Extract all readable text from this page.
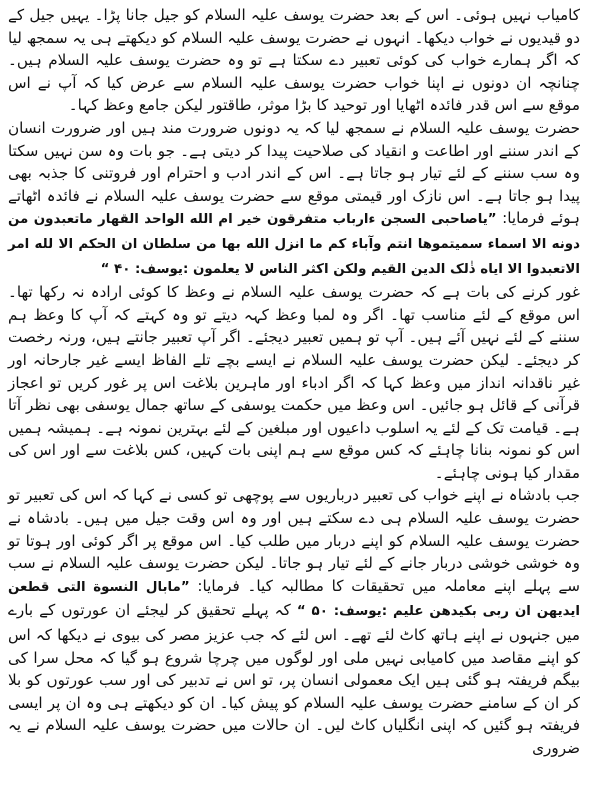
کامیاب نہیں ہوئی۔ اس کے بعد حضرت یوسف علیہ السلام کو جیل جانا پڑا۔ یہیں جیل کے دو قیدیوں نے خواب دیکھا۔ انہوں نے حضرت یوسف علیہ السلام کو دیکھتے ہی یہ سمجھ لیا کہ اگر ہمارے خواب کی کوئی تعبیر دے سکتا ہے تو وہ حضرت یوسف علیہ السلام ہیں۔ چنانچہ ان دونوں نے اپنا خواب حضرت یوسف علیہ السلام سے عرض کیا کہ آپ نے اس موقع سے اس قدر فائدہ اٹھایا اور توحید کا بڑا موثر، طاقتور لیکن جامع وعظ کہا۔

حضرت یوسف علیہ السلام نے سمجھ لیا کہ یہ دونوں ضرورت مند ہیں اور ضرورت انسان کے اندر سننے اور اطاعت و انقیاد کی صلاحیت پیدا کر دیتی ہے۔ جو بات وہ سن نہیں سکتا وہ سب سننے کے لئے تیار ہو جاتا ہے۔ اس کے اندر ادب و احترام اور فروتنی کا جذبہ بھی پیدا ہو جاتا ہے۔ اس نازک اور قیمتی موقع سے حضرت یوسف علیہ السلام نے فائدہ اٹھاتے ہوئے فرمایا: ”یاصاحبی السجن ءارباب متفرقون خیر ام الله الواحد القهار ماتعبدون من دونه الا اسماء سمیتموها انتم وآباء کم ما انزل الله بها من سلطان ان الحکم الا لله امر الاتعبدوا الا ایاه ذٰلک الدین القیم ولکن اکثر الناس لا یعلمون :یوسف: ۴۰ “

غور کرنے کی بات ہے کہ حضرت یوسف علیہ السلام نے وعظ کا کوئی ارادہ نہ رکھا تھا۔ اس موقع کے لئے مناسب تھا۔ اگر وہ لمبا وعظ کہہ دیتے تو وہ کہتے کہ آپ کا وعظ ہم سننے کے لئے نہیں آئے ہیں۔ آپ تو ہمیں تعبیر دیجئے۔ اگر آپ تعبیر جانتے ہیں، ورنہ رخصت کر دیجئے۔ لیکن حضرت یوسف علیہ السلام نے ایسے بچے تلے الفاظ ایسے غیر جارحانہ اور غیر ناقدانہ انداز میں وعظ کہا کہ اگر ادباء اور ماہرین بلاغت اس پر غور کریں تو اعجاز قرآنی کے قائل ہو جائیں۔ اس وعظ میں حکمت یوسفی کے ساتھ جمال یوسفی بھی نظر آتا ہے۔ قیامت تک کے لئے یہ اسلوب داعیوں اور مبلغین کے لئے بہترین نمونہ ہے۔ ہمیشہ ہمیں اس کو نمونہ بنانا چاہئے کہ کس موقع سے ہم اپنی بات کہیں، کس بلاغت سے اور اس کی مقدار کیا ہونی چاہئے۔

جب بادشاہ نے اپنے خواب کی تعبیر درباریوں سے پوچھی تو کسی نے کہا کہ اس کی تعبیر تو حضرت یوسف علیہ السلام ہی دے سکتے ہیں اور وہ اس وقت جیل میں ہیں۔ بادشاہ نے حضرت یوسف علیہ السلام کو اپنے دربار میں طلب کیا۔ اس موقع پر اگر کوئی اور ہوتا تو وہ خوشی خوشی دربار جانے کے لئے تیار ہو جاتا۔ لیکن حضرت یوسف علیہ السلام نے سب سے پہلے اپنے معاملہ میں تحقیقات کا مطالبہ کیا۔ فرمایا: ”مابال النسوة التی قطعن ایدیهن ان ربی بکیدهن علیم :یوسف: ۵۰ “ کہ پہلے تحقیق کر لیجئے ان عورتوں کے بارے میں جنہوں نے اپنے ہاتھ کاٹ لئے تھے۔ اس لئے کہ جب عزیز مصر کی بیوی نے دیکھا کہ اس کو اپنے مقاصد میں کامیابی نہیں ملی اور لوگوں میں چرچا شروع ہو گیا کہ محل سرا کی بیگم فریفتہ ہو گئی ہیں ایک معمولی انسان پر، تو اس نے تدبیر کی اور سب عورتوں کو بلا کر ان کے سامنے حضرت یوسف علیہ السلام کو پیش کیا۔ ان کو دیکھتے ہی وہ ان پر ایسی فریفتہ ہو گئیں کہ اپنی انگلیاں کاٹ لیں۔ ان حالات میں حضرت یوسف علیہ السلام نے یہ ضروری
